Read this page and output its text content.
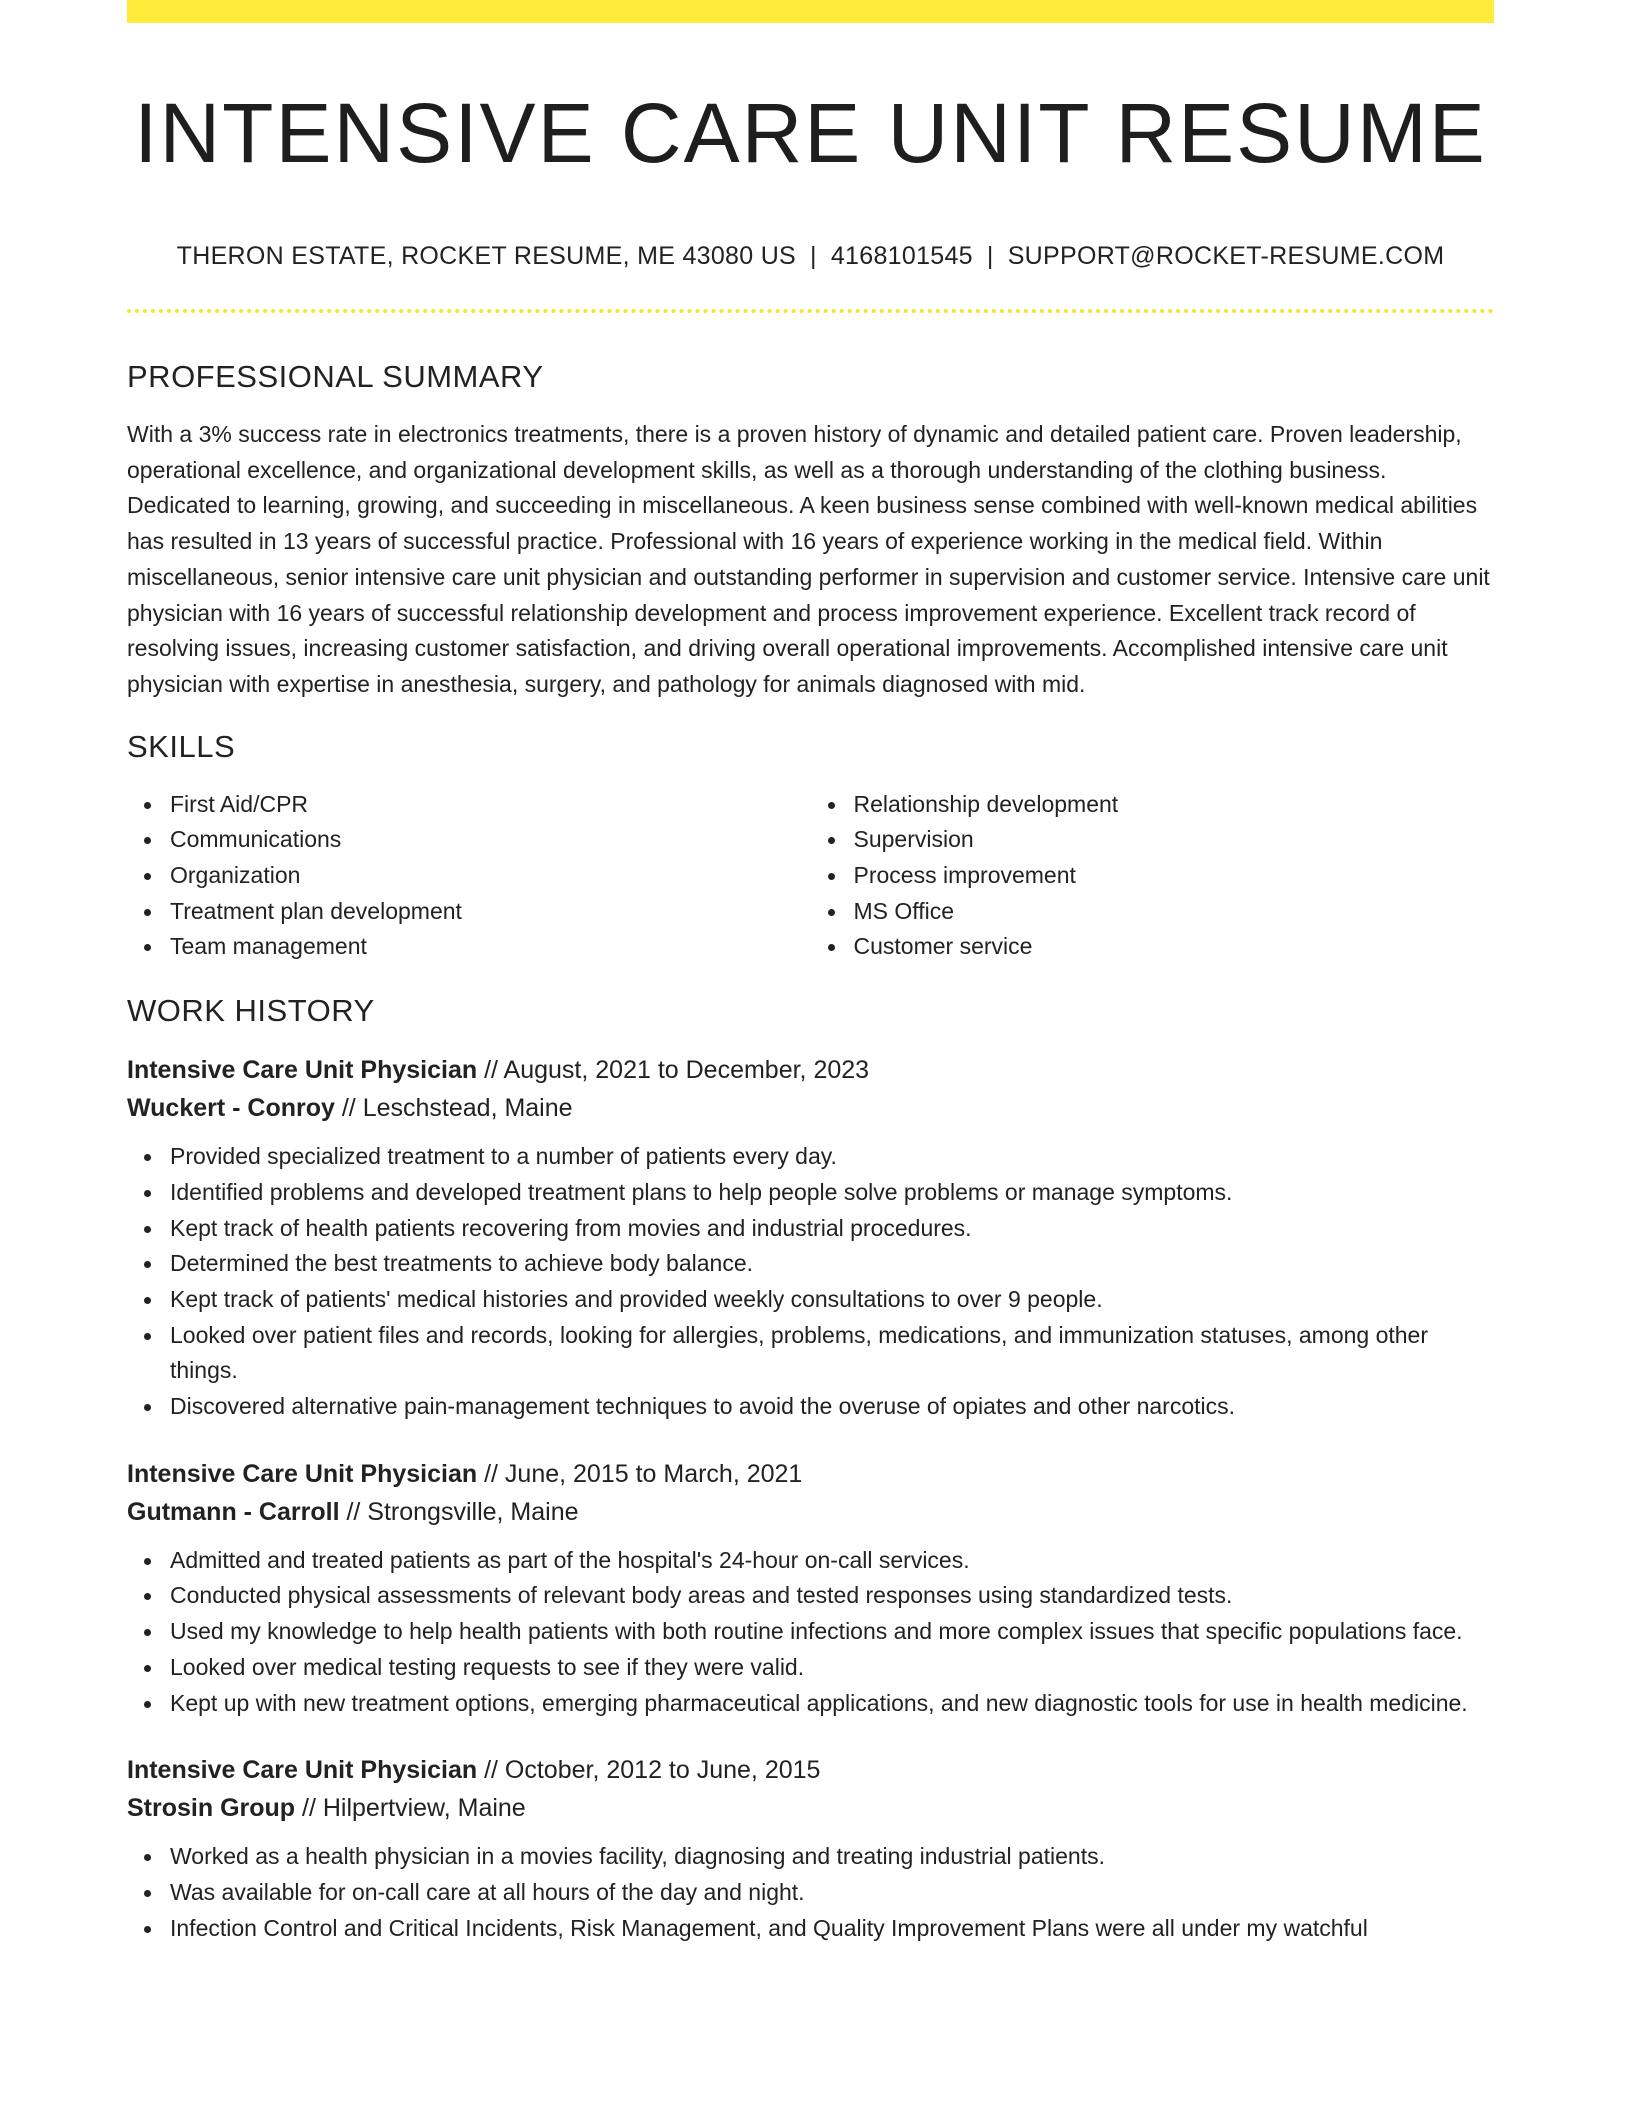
INTENSIVE CARE UNIT RESUME
THERON ESTATE, ROCKET RESUME, ME 43080 US | 4168101545 | SUPPORT@ROCKET-RESUME.COM
PROFESSIONAL SUMMARY

With a 3% success rate in electronics treatments, there is a proven history of dynamic and detailed patient care. Proven leadership, operational excellence, and organizational development skills, as well as a thorough understanding of the clothing business. Dedicated to learning, growing, and succeeding in miscellaneous. A keen business sense combined with well-known medical abilities has resulted in 13 years of successful practice. Professional with 16 years of experience working in the medical field. Within miscellaneous, senior intensive care unit physician and outstanding performer in supervision and customer service. Intensive care unit physician with 16 years of successful relationship development and process improvement experience. Excellent track record of resolving issues, increasing customer satisfaction, and driving overall operational improvements. Accomplished intensive care unit physician with expertise in anesthesia, surgery, and pathology for animals diagnosed with mid.

SKILLS
First Aid/CPR
Communications
Organization
Treatment plan development
Team management
Relationship development
Supervision
Process improvement
MS Office
Customer service
WORK HISTORY
Intensive Care Unit Physician // August, 2021 to December, 2023
Wuckert - Conroy // Leschstead, Maine
Provided specialized treatment to a number of patients every day.
Identified problems and developed treatment plans to help people solve problems or manage symptoms.
Kept track of health patients recovering from movies and industrial procedures.
Determined the best treatments to achieve body balance.
Kept track of patients' medical histories and provided weekly consultations to over 9 people.
Looked over patient files and records, looking for allergies, problems, medications, and immunization statuses, among other things.
Discovered alternative pain-management techniques to avoid the overuse of opiates and other narcotics.
Intensive Care Unit Physician // June, 2015 to March, 2021
Gutmann - Carroll // Strongsville, Maine
Admitted and treated patients as part of the hospital's 24-hour on-call services.
Conducted physical assessments of relevant body areas and tested responses using standardized tests.
Used my knowledge to help health patients with both routine infections and more complex issues that specific populations face.
Looked over medical testing requests to see if they were valid.
Kept up with new treatment options, emerging pharmaceutical applications, and new diagnostic tools for use in health medicine.
Intensive Care Unit Physician // October, 2012 to June, 2015
Strosin Group // Hilpertview, Maine
Worked as a health physician in a movies facility, diagnosing and treating industrial patients.
Was available for on-call care at all hours of the day and night.
Infection Control and Critical Incidents, Risk Management, and Quality Improvement Plans were all under my watchful
